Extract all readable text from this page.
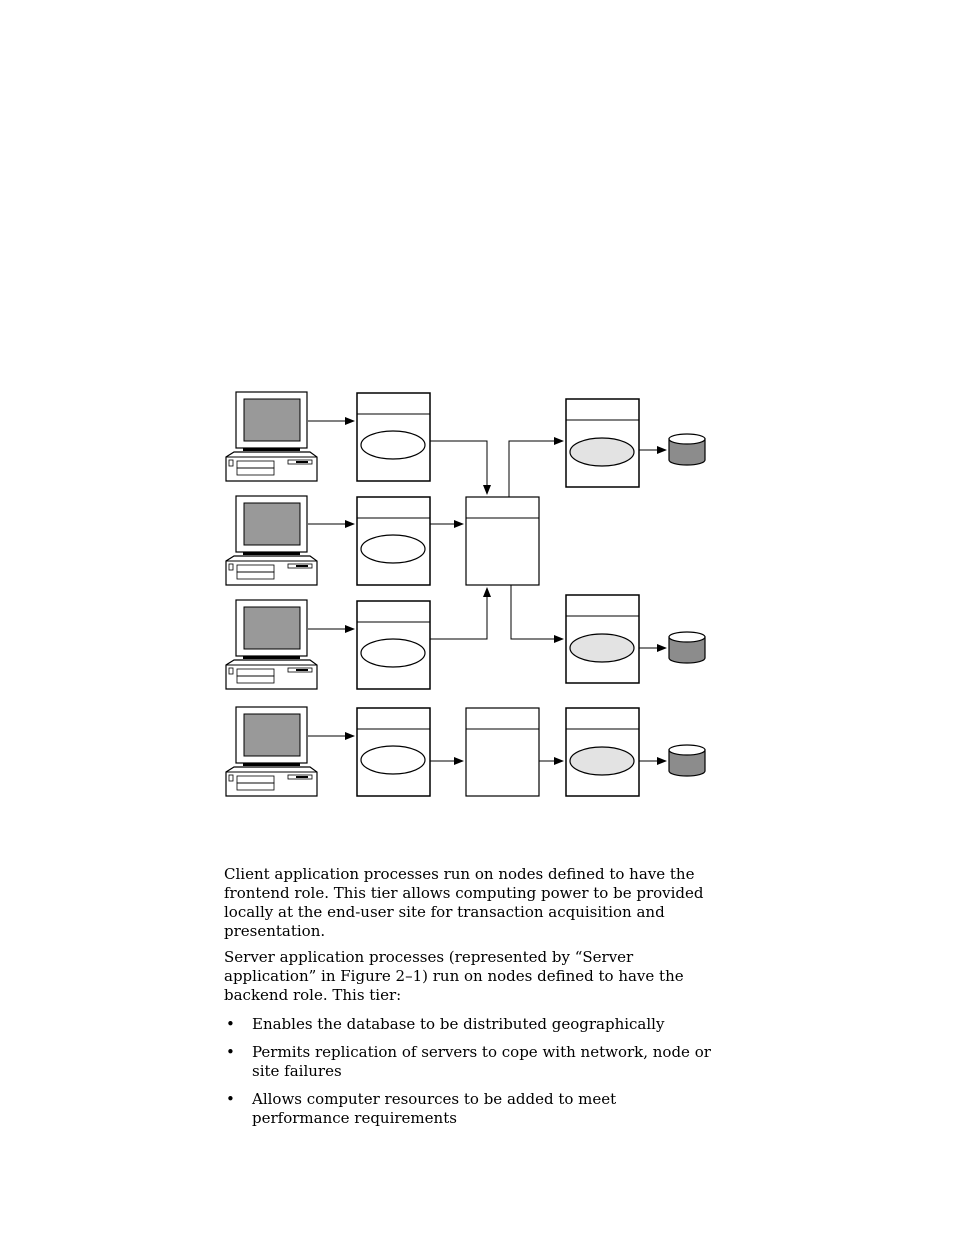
Client application processes run on nodes defined to have the frontend role. This tier allows computing power to be provided locally at the end-user site for transaction acquisition and presentation.

Server application processes (represented by “Server application” in Figure 2–1) run on nodes defined to have the backend role. This tier:

• Enables the database to be distributed geographically
• Permits replication of servers to cope with network, node or site failures
• Allows computer resources to be added to meet performance requirements
